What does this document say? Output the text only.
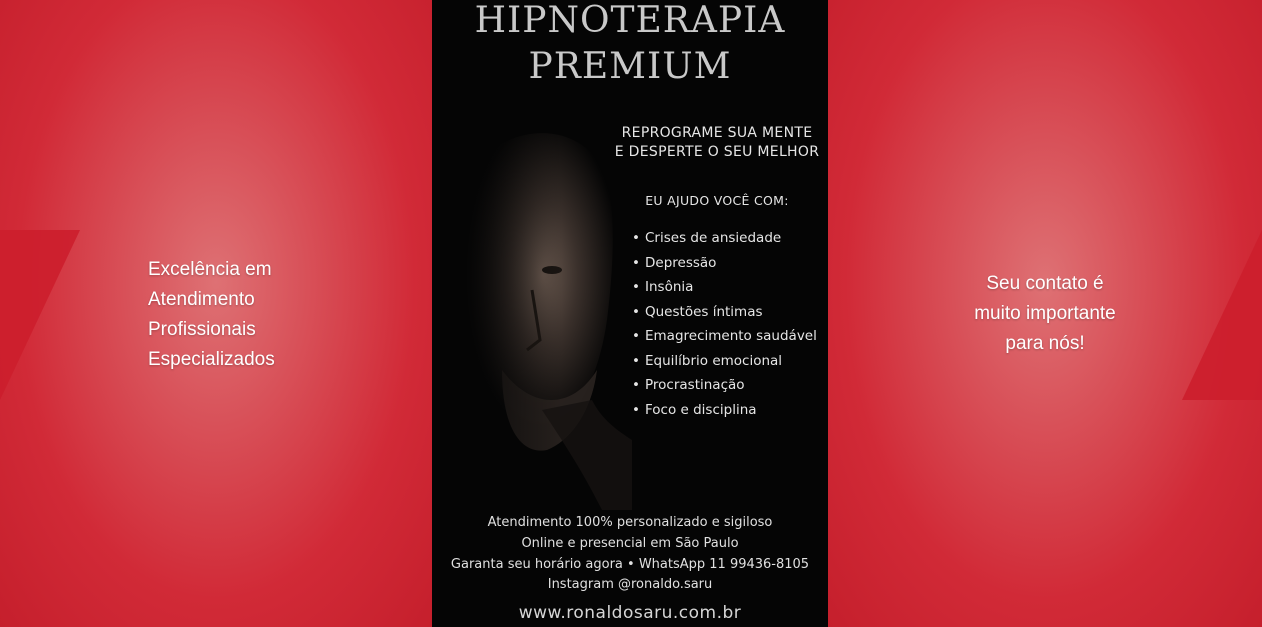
Excelência em
Atendimento
Profissionais
Especializados
HIPNOTERAPIA
PREMIUM
REPROGRAME SUA MENTE
E DESPERTE O SEU MELHOR
EU AJUDO VOCÊ COM:
• Crises de ansiedade
• Depressão
• Insônia
• Questões íntimas
• Emagrecimento saudável
• Equilíbrio emocional
• Procrastinação
• Foco e disciplina
Atendimento 100% personalizado e sigiloso
Online e presencial em São Paulo
Garanta seu horário agora • WhatsApp 11 99436-8105
Instagram @ronaldo.saru
www.ronaldosaru.com.br
Seu contato é
muito importante
para nós!
